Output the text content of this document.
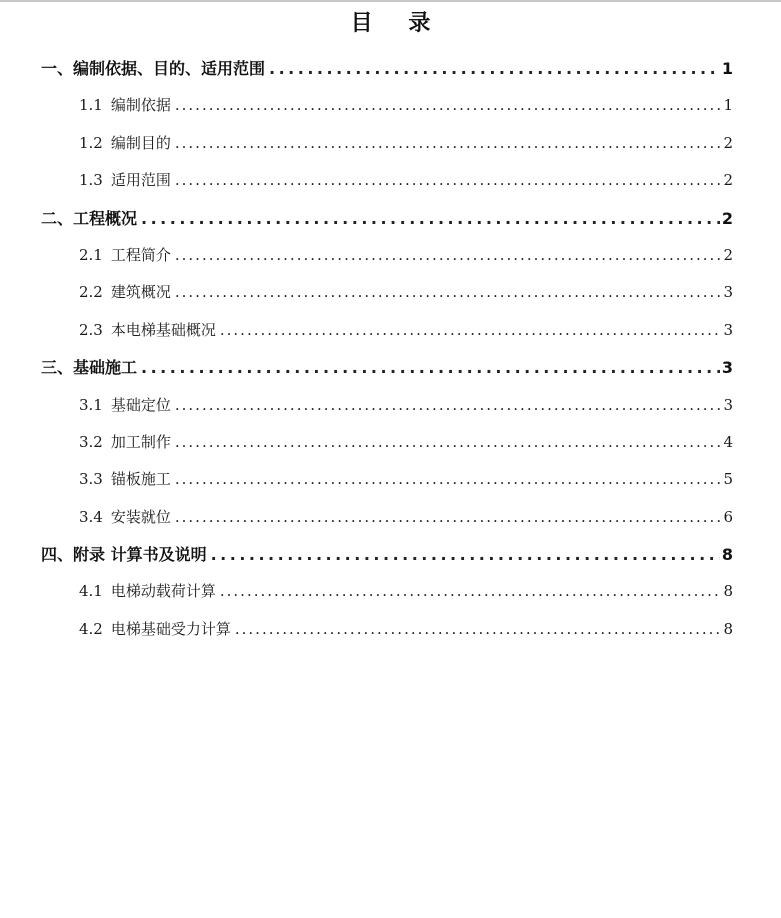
目 录
一、编制依据、目的、适用范围 .....	1
1.1 编制依据 .....	1
1.2 编制目的 .....	2
1.3 适用范围 .....	2
二、工程概况 .....	2
2.1 工程简介 .....	2
2.2 建筑概况 .....	3
2.3 本电梯基础概况 .....	3
三、基础施工 .....	3
3.1 基础定位 .....	3
3.2 加工制作 .....	4
3.3 锚板施工 .....	5
3.4 安装就位 .....	6
四、附录 计算书及说明 .....	8
4.1 电梯动载荷计算 .....	8
4.2 电梯基础受力计算 .....	8
